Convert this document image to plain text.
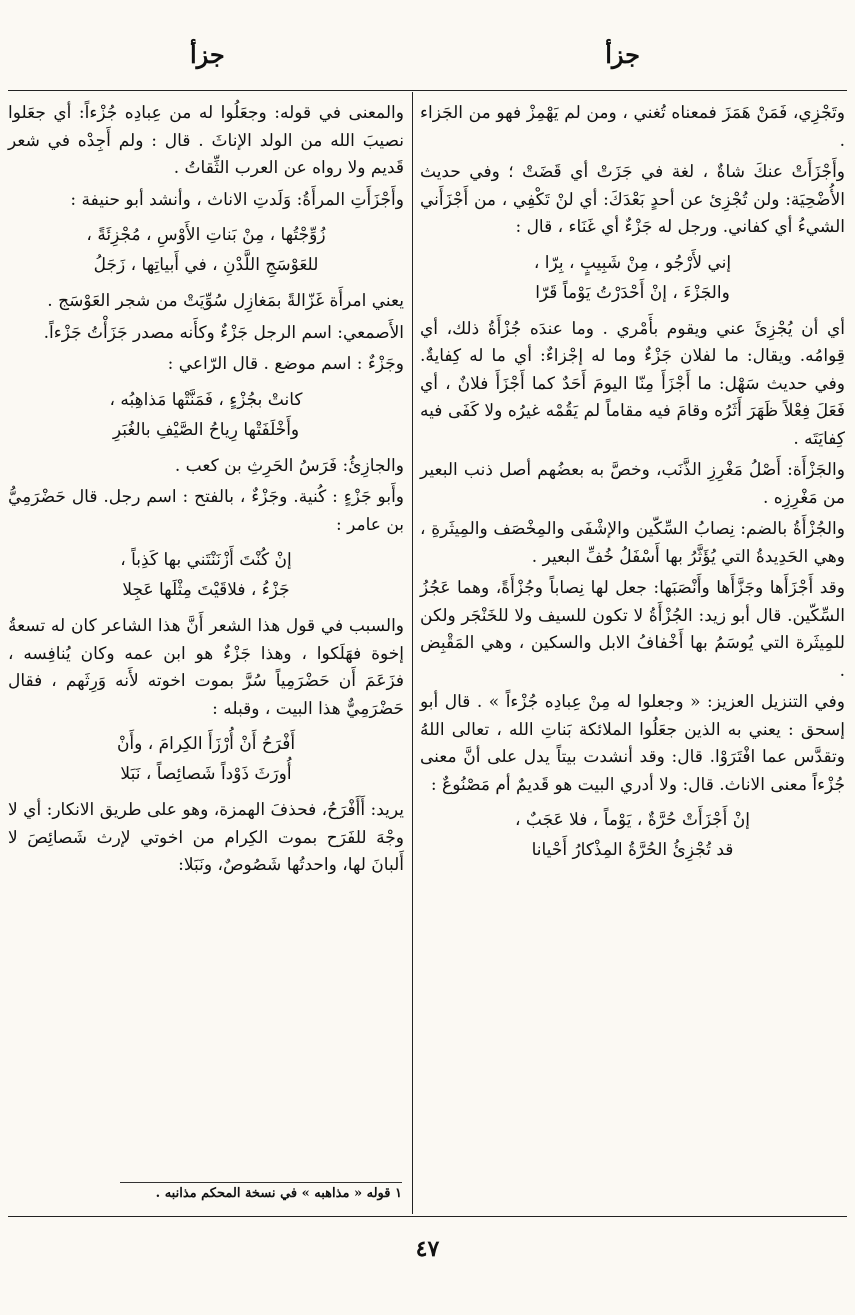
جزأ
جزأ

وتَجْزِي، فَمَنْ هَمَزَ فمعناه تُغني ، ومن لم يَهْمِزْ فهو من الجَزاء .

وأَجْزَأَتْ عنكَ شاةٌ ، لغة في جَزَتْ أي قَضَتْ ؛ وفي حديث الأُضْحِيَة: ولن تُجْزِئ عن أحدٍ بَعْدَكَ: أي لنْ تَكْفِي ، من أَجْزَأَني الشيءُ أي كفاني. ورجل له جَزْءٌ أي غَنَاء ، قال :

إني لأَرْجُو ، مِنْ شَبِيبٍ ، بِرّا ،
والجَزْءَ ، إنْ أَحْدَرْتُ يَوْماً قَرّا

أي أن يُجْزِئَ عني ويقوم بأَمْري . وما عندَه جُزْأَةُ ذلك، أي قِوامُه. ويقال: ما لفلان جَزْءٌ وما له إجْزاءٌ: أي ما له كِفايةٌ. وفي حديث سَهْل: ما أَجْزَأَ مِنّا اليومَ أَحَدٌ كما أَجْزَأَ فلانٌ ، أي فَعَلَ فِعْلاً ظَهَرَ أَثَرُه وقامَ فيه مقاماً لم يَقُمْه غيرُه ولا كَفَى فيه كِفايَتَه .

والجَزْأَة: أَصْلُ مَغْرِزِ الذَّنَب، وخصَّ به بعضُهم أصل ذنب البعير من مَغْرِزِه .

والجُزْأَةُ بالضم: نِصابُ السِّكّين والإشْفَى والمِخْصَف والمِيثَرةِ ، وهي الحَدِيدةُ التي يُؤَثَّرُ بها أَسْفَلُ خُفِّ البعير .

وقد أَجْزَأَها وجَزَّأَها وأَنْصَبَها: جعل لها نِصاباً وجُزْأَةً، وهما عَجُزُ السِّكّين. قال أبو زيد: الجُزْأَةُ لا تكون للسيف ولا للخَنْجَر ولكن للمِيثَرة التي يُوسَمُ بها أَخْفافُ الابل والسكين ، وهي المَقْبِض .

وفي التنزيل العزيز: « وجعلوا له مِنْ عِبادِه جُزْءاً » . قال أبو إسحق : يعني به الذين جعَلُوا الملائكة بَناتِ الله ، تعالى اللهُ وتقدَّس عما افْتَرَوْا. قال: وقد أنشدت بيتاً يدل على أنَّ معنى جُزْءاً معنى الاناث. قال: ولا أدري البيت هو قَديمٌ أم مَصْنُوعٌ :

إنْ أَجْزَأَتْ حُرَّةٌ ، يَوْماً ، فلا عَجَبٌ ،
قد تُجْزِئُ الحُرَّةُ المِذْكارُ أَحْيانا

والمعنى في قوله: وجعَلُوا له من عِبادِه جُزْءاً: أي جعَلوا نصيبَ الله من الولد الإناثَ . قال : ولم أَجِدْه في شعر قَديم ولا رواه عن العرب الثِّقاتُ .

وأَجْزَأَتِ المرأَةُ: وَلَدتِ الاناث ، وأنشد أبو حنيفة :

زُوِّجْتُها ، مِنْ بَناتِ الأَوْسِ ، مُجْزِئَةً ،
للعَوْسَجِ اللَّدْنِ ، في أَبياتِها ، زَجَلُ

يعني امرأَة غَزّالةً بمَغازِل سُوِّيَتْ من شجر العَوْسَج .

الأَصمعي: اسم الرجل جَزْءٌ وكأَنه مصدر جَزَأْتُ جَزْءاً.

وجَزْءٌ : اسم موضع . قال الرّاعي :

كانتْ بجُزْءٍ ، فَمَنَّتْها مَذاهِبُه ،
وأَخْلَفَتْها رِياحُ الصَّيْفِ بالغُبَرِ

والجازِئُ: فَرَسُ الحَرِثِ بن كعب .

وأَبو جَزْءٍ : كُنية. وجَزْءٌ ، بالفتح : اسم رجل. قال حَضْرَمِيُّ بن عامر :

إنْ كُنْتَ أَزْنَنْتَني بها كَذِباً ،
جَزْءُ ، فلاقَيْتَ مِثْلَها عَجِلا

والسبب في قول هذا الشعر أَنَّ هذا الشاعر كان له تسعةُ إخوة فهَلَكوا ، وهذا جَزْءٌ هو ابن عمه وكان يُنافِسه ، فزَعَمَ أَن حَضْرَمِياً سُرَّ بموت اخوته لأَنه وَرِثَهم ، فقال حَضْرَمِيٌّ هذا البيت ، وقبله :

أَفْرَحُ أَنْ أُرْزَأَ الكِرامَ ، وأَنْ
أُورَثَ ذَوْداً شَصائِصاً ، نَبَلا

يريد: أَأَفْرَحُ، فحذفَ الهمزة، وهو على طريق الانكار: أي لا وجْهَ للفَرَح بموت الكِرام من اخوتي لإرث شَصائِصَ لا أَلبانَ لها، واحدتُها شَصُوصٌ، ونَبَلا:

١ قوله « مذاهبه » في نسخة المحكم مذانبه .
٤٧
